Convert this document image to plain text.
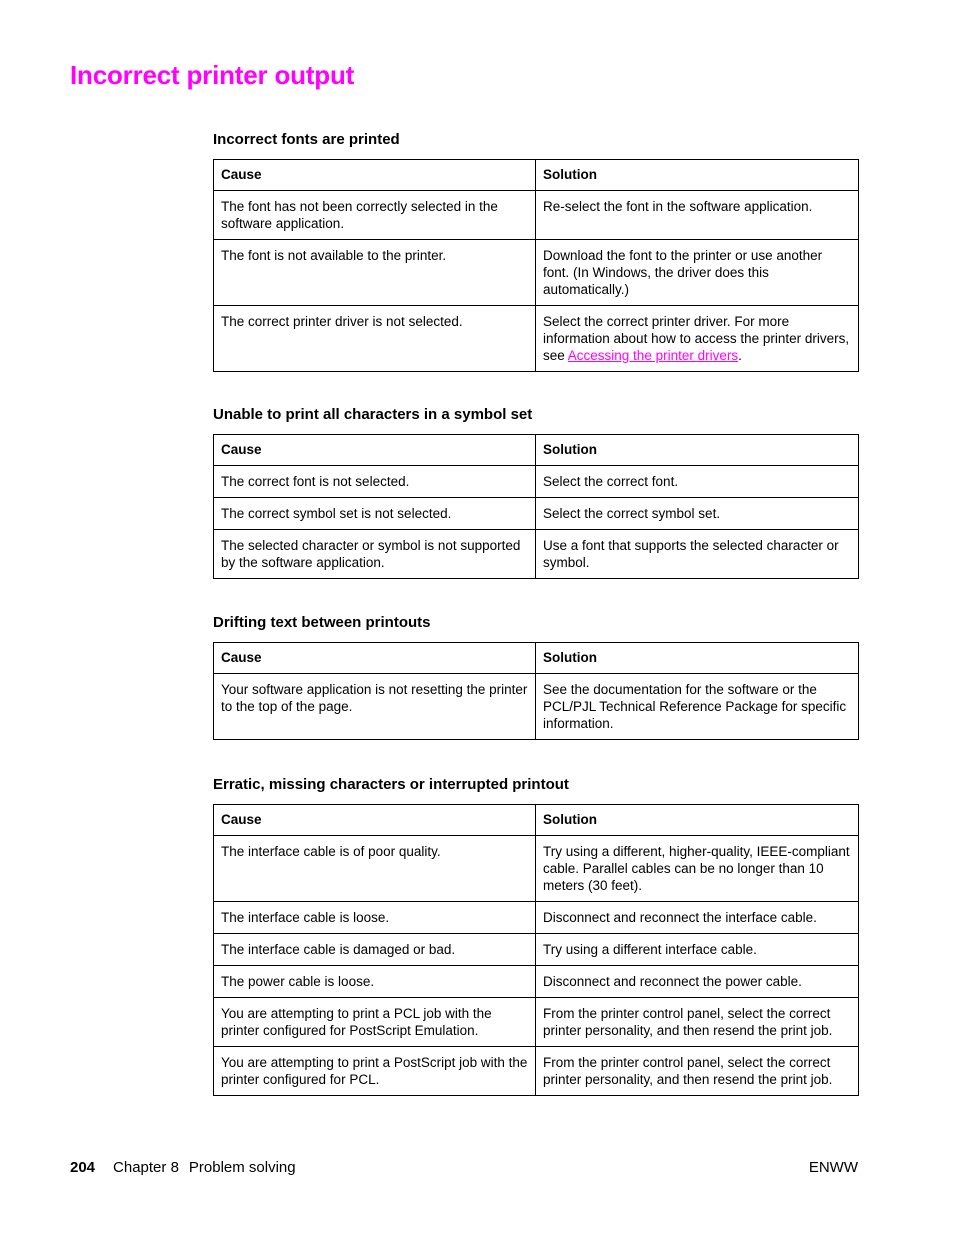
Incorrect printer output
Incorrect fonts are printed
Cause	Solution
The font has not been correctly selected in the software application.	Re-select the font in the software application.
The font is not available to the printer.	Download the font to the printer or use another font. (In Windows, the driver does this automatically.)
The correct printer driver is not selected.	Select the correct printer driver. For more information about how to access the printer drivers, see Accessing the printer drivers.
Unable to print all characters in a symbol set
Cause	Solution
The correct font is not selected.	Select the correct font.
The correct symbol set is not selected.	Select the correct symbol set.
The selected character or symbol is not supported by the software application.	Use a font that supports the selected character or symbol.
Drifting text between printouts
Cause	Solution
Your software application is not resetting the printer to the top of the page.	See the documentation for the software or the PCL/PJL Technical Reference Package for specific information.
Erratic, missing characters or interrupted printout
Cause	Solution
The interface cable is of poor quality.	Try using a different, higher-quality, IEEE-compliant cable. Parallel cables can be no longer than 10 meters (30 feet).
The interface cable is loose.	Disconnect and reconnect the interface cable.
The interface cable is damaged or bad.	Try using a different interface cable.
The power cable is loose.	Disconnect and reconnect the power cable.
You are attempting to print a PCL job with the printer configured for PostScript Emulation.	From the printer control panel, select the correct printer personality, and then resend the print job.
You are attempting to print a PostScript job with the printer configured for PCL.	From the printer control panel, select the correct printer personality, and then resend the print job.
204 Chapter 8 Problem solving	ENWW
